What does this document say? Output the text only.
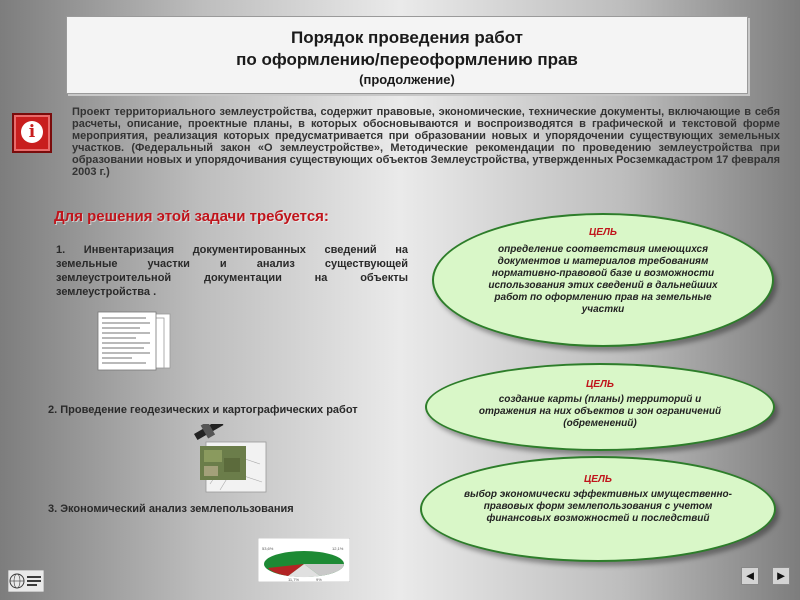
Порядок проведения работ
по оформлению/переоформлению прав
(продолжение)
i
Проект территориального землеустройства, содержит правовые, экономические, технические документы, включающие в себя расчеты, описание, проектные планы, в которых обосновываются и воспроизводятся в графической и текстовой форме мероприятия, реализация которых предусматривается при образовании новых и упорядочении существующих земельных участков. (Федеральный закон «О землеустройстве», Методические рекомендации по проведению землеустройства при образовании новых и упорядочивания существующих объектов Землеустройства, утвержденных Росземкадастром 17 февраля 2003 г.)
Для решения этой задачи требуется:
1. Инвентаризация документированных сведений на земельные участки и анализ существующей землеустроительной документации на объекты землеустройства .
2. Проведение геодезических и картографических работ
3. Экономический анализ землепользования
53,6%	12,1%
11,7%	9%
ЦЕЛЬ
определение соответствия имеющихся документов и материалов требованиям нормативно-правовой базе и возможности использования этих сведений в дальнейших работ по оформлению прав на земельные участки
ЦЕЛЬ
создание карты (планы) территорий и отражения на них объектов и зон ограничений (обременений)
ЦЕЛЬ
выбор экономически эффективных имущественно-правовых форм землепользования с учетом финансовых возможностей и последствий
◄ ►
